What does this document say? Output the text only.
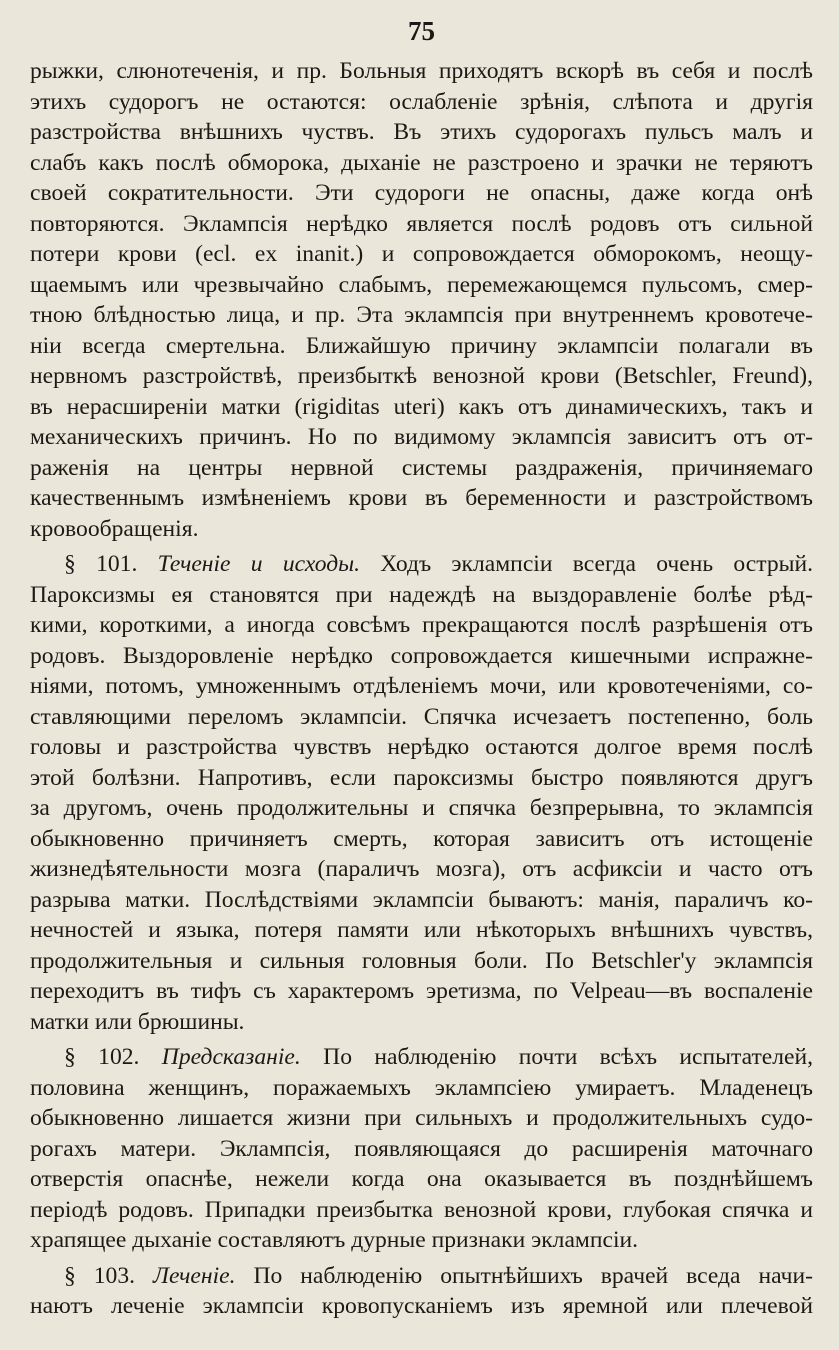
75

рыжки, слюнотеченія, и пр. Больныя приходятъ вскорѣ въ себя и послѣ
этихъ судорогъ не остаются: ослабленіе зрѣнія, слѣпота и другія
разстройства внѣшнихъ чуствъ. Въ этихъ судорогахъ пульсъ малъ и
слабъ какъ послѣ обморока, дыханіе не разстроено и зрачки не теряютъ
своей сократительности. Эти судороги не опасны, даже когда онѣ
повторяются. Эклампсія нерѣдко является послѣ родовъ отъ сильной
потери крови (ecl. ex inanit.) и сопровождается обморокомъ, неощу-
щаемымъ или чрезвычайно слабымъ, перемежающемся пульсомъ, смер-
тною блѣдностью лица, и пр. Эта эклампсія при внутреннемъ кровотече-
ніи всегда смертельна. Ближайшую причину эклампсіи полагали въ
нервномъ разстройствѣ, преизбыткѣ венозной крови (Betschler, Freund),
въ нерасширеніи матки (rigiditas uteri) какъ отъ динамическихъ, такъ и
механическихъ причинъ. Но по видимому эклампсія зависитъ отъ от-
раженія на центры нервной системы раздраженія, причиняемаго
качественнымъ измѣненіемъ крови въ беременности и разстройствомъ
кровообращенія.

§ 101. Теченіе и исходы. Ходъ эклампсіи всегда очень острый.
Пароксизмы ея становятся при надеждѣ на выздоравленіе болѣе рѣд-
кими, короткими, а иногда совсѣмъ прекращаются послѣ разрѣшенія отъ
родовъ. Выздоровленіе нерѣдко сопровождается кишечными испражне-
ніями, потомъ, умноженнымъ отдѣленіемъ мочи, или кровотеченіями, со-
ставляющими переломъ эклампсіи. Спячка исчезаетъ постепенно, боль
головы и разстройства чувствъ нерѣдко остаются долгое время послѣ
этой болѣзни. Напротивъ, если пароксизмы быстро появляются другъ
за другомъ, очень продолжительны и спячка безпрерывна, то эклампсія
обыкновенно причиняетъ смерть, которая зависитъ отъ истощеніе
жизнедѣятельности мозга (параличъ мозга), отъ асфиксіи и часто отъ
разрыва матки. Послѣдствіями эклампсіи бываютъ: манія, параличъ ко-
нечностей и языка, потеря памяти или нѣкоторыхъ внѣшнихъ чувствъ,
продолжительныя и сильныя головныя боли. По Betschler'у эклампсія
переходитъ въ тифъ съ характеромъ эретизма, по Velpeau—въ воспаленіе
матки или брюшины.

§ 102. Предсказаніе. По наблюденію почти всѣхъ испытателей,
половина женщинъ, поражаемыхъ эклампсіею умираетъ. Младенецъ
обыкновенно лишается жизни при сильныхъ и продолжительныхъ судо-
рогахъ матери. Эклампсія, появляющаяся до расширенія маточнаго
отверстія опаснѣе, нежели когда она оказывается въ позднѣйшемъ
періодѣ родовъ. Припадки преизбытка венозной крови, глубокая спячка и
храпящее дыханіе составляютъ дурные признаки эклампсіи.

§ 103. Леченіе. По наблюденію опытнѣйшихъ врачей вседа начи-
наютъ леченіе эклампсіи кровопусканіемъ изъ яремной или плечевой
